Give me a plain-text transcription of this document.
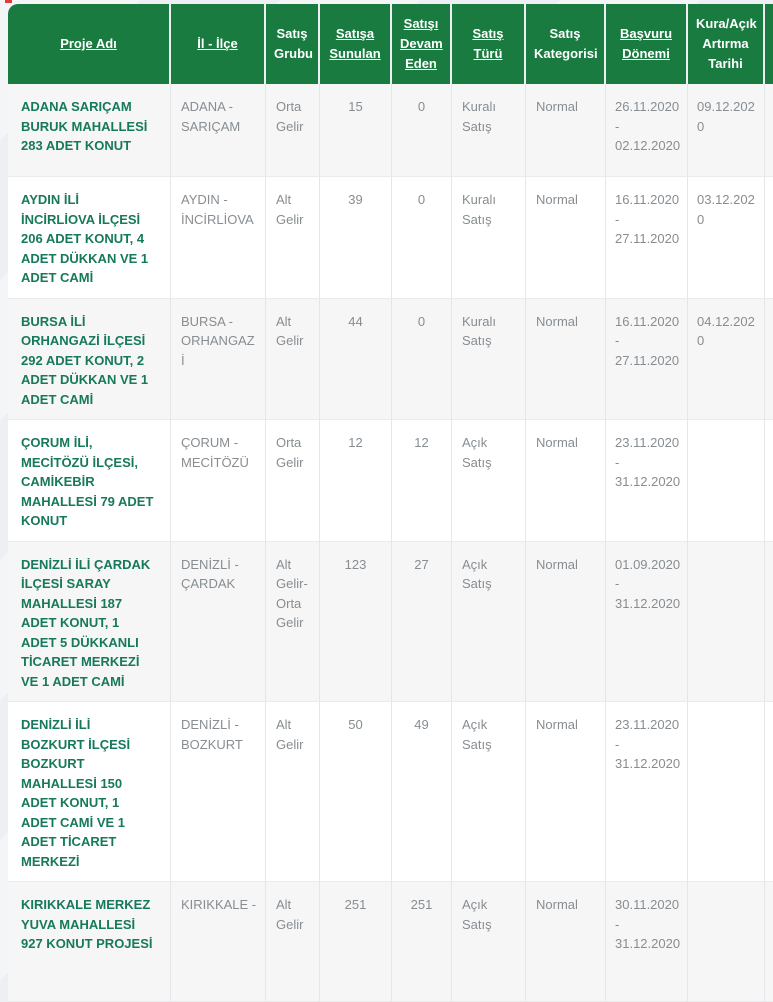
Proje Adı	İl - İlçe	Satış Grubu	Satışa Sunulan	Satışı Devam Eden	Satış Türü	Satış Kategorisi	Başvuru Dönemi	Kura/Açık Artırma Tarihi	
ADANA SARIÇAM BURUK MAHALLESİ 283 ADET KONUT	ADANA - SARIÇAM	Orta Gelir	15	0	Kuralı Satış	Normal	26.11.2020 - 02.12.2020	09.12.2020	
AYDIN İLİ İNCİRLİOVA İLÇESİ 206 ADET KONUT, 4 ADET DÜKKAN VE 1 ADET CAMİ	AYDIN - İNCİRLİOVA	Alt Gelir	39	0	Kuralı Satış	Normal	16.11.2020 - 27.11.2020	03.12.2020	
BURSA İLİ ORHANGAZİ İLÇESİ 292 ADET KONUT, 2 ADET DÜKKAN VE 1 ADET CAMİ	BURSA - ORHANGAZİ	Alt Gelir	44	0	Kuralı Satış	Normal	16.11.2020 - 27.11.2020	04.12.2020	
ÇORUM İLİ, MECİTÖZÜ İLÇESİ, CAMİKEBİR MAHALLESİ 79 ADET KONUT	ÇORUM - MECİTÖZÜ	Orta Gelir	12	12	Açık Satış	Normal	23.11.2020 - 31.12.2020		
DENİZLİ İLİ ÇARDAK İLÇESİ SARAY MAHALLESİ 187 ADET KONUT, 1 ADET 5 DÜKKANLI TİCARET MERKEZİ VE 1 ADET CAMİ	DENİZLİ - ÇARDAK	Alt Gelir-Orta Gelir	123	27	Açık Satış	Normal	01.09.2020 - 31.12.2020		
DENİZLİ İLİ BOZKURT İLÇESİ BOZKURT MAHALLESİ 150 ADET KONUT, 1 ADET CAMİ VE 1 ADET TİCARET MERKEZİ	DENİZLİ - BOZKURT	Alt Gelir	50	49	Açık Satış	Normal	23.11.2020 - 31.12.2020		
KIRIKKALE MERKEZ YUVA MAHALLESİ 927 KONUT PROJESİ	KIRIKKALE -	Alt Gelir	251	251	Açık Satış	Normal	30.11.2020 - 31.12.2020		
